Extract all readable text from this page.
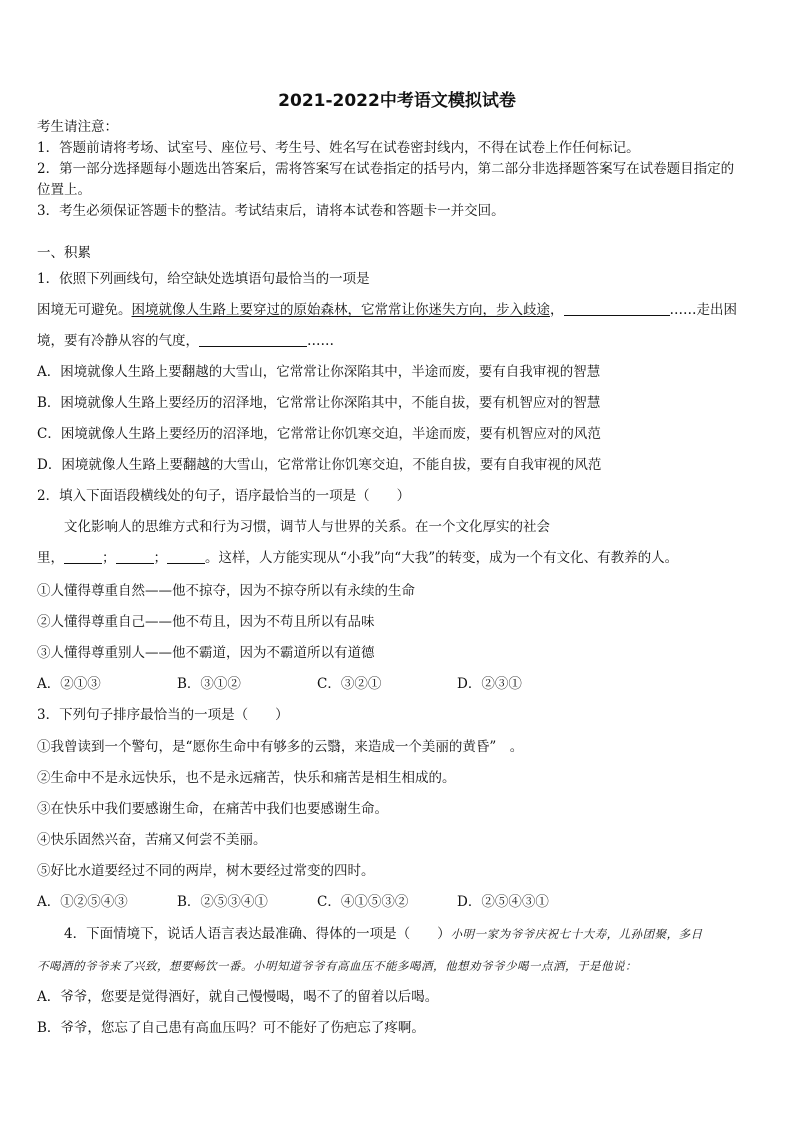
2021-2022中考语文模拟试卷
考生请注意：
1．答题前请将考场、试室号、座位号、考生号、姓名写在试卷密封线内，不得在试卷上作任何标记。
2．第一部分选择题每小题选出答案后，需将答案写在试卷指定的括号内，第二部分非选择题答案写在试卷题目指定的
位置上。
3．考生必须保证答题卡的整洁。考试结束后，请将本试卷和答题卡一并交回。
一、积累
1．依照下列画线句，给空缺处选填语句最恰当的一项是
困境无可避免。困境就像人生路上要穿过的原始森林，它常常让你迷失方向，步入歧途，	……走出困
境，要有冷静从容的气度，	……
A．困境就像人生路上要翻越的大雪山，它常常让你深陷其中，半途而废，要有自我审视的智慧
B．困境就像人生路上要经历的沼泽地，它常常让你深陷其中，不能自拔，要有机智应对的智慧
C．困境就像人生路上要经历的沼泽地，它常常让你饥寒交迫，半途而废，要有机智应对的风范
D．困境就像人生路上要翻越的大雪山，它常常让你饥寒交迫，不能自拔，要有自我审视的风范
2．填入下面语段横线处的句子，语序最恰当的一项是（　　）
文化影响人的思维方式和行为习惯，调节人与世界的关系。在一个文化厚实的社会
里，	；	；	。这样，人方能实现从“小我”向“大我”的转变，成为一个有文化、有教养的人。
①人懂得尊重自然——他不掠夺，因为不掠夺所以有永续的生命
②人懂得尊重自己——他不苟且，因为不苟且所以有品味
③人懂得尊重别人——他不霸道，因为不霸道所以有道德
A．②①③	B．③①②	C．③②①	D．②③①
3．下列句子排序最恰当的一项是（　　）
①我曾读到一个警句，是“愿你生命中有够多的云翳，来造成一个美丽的黄昏”　。
②生命中不是永远快乐，也不是永远痛苦，快乐和痛苦是相生相成的。
③在快乐中我们要感谢生命，在痛苦中我们也要感谢生命。
④快乐固然兴奋，苦痛又何尝不美丽。
⑤好比水道要经过不同的两岸，树木要经过常变的四时。
A．①②⑤④③	B．②⑤③④①	C．④①⑤③②	D．②⑤④③①
4．下面情境下，说话人语言表达最准确、得体的一项是（　　）小明一家为爷爷庆祝七十大寿，儿孙团聚，多日
不喝酒的爷爷来了兴致，想要畅饮一番。小明知道爷爷有高血压不能多喝酒，他想劝爷爷少喝一点酒，于是他说：
A．爷爷，您要是觉得酒好，就自己慢慢喝，喝不了的留着以后喝。
B．爷爷，您忘了自己患有高血压吗？可不能好了伤疤忘了疼啊。
